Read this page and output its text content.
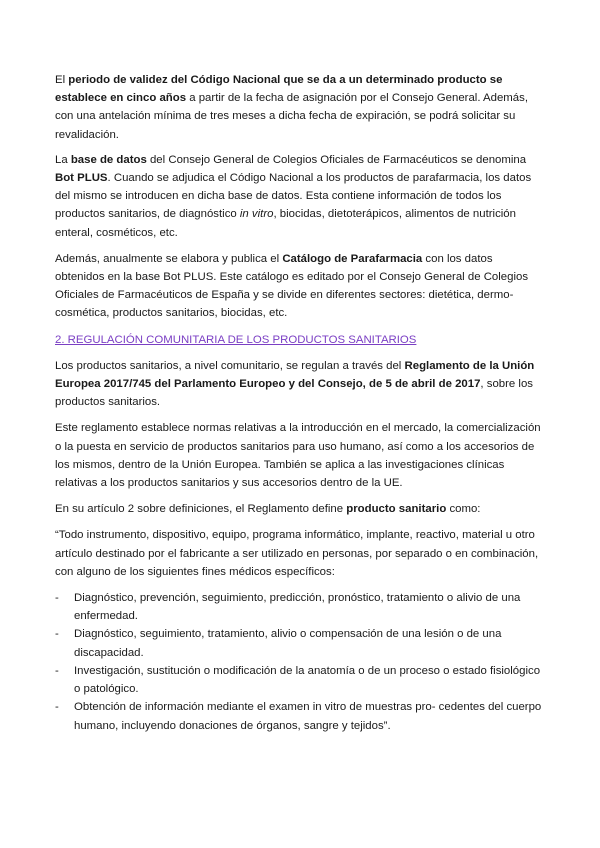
El periodo de validez del Código Nacional que se da a un determinado producto se establece en cinco años a partir de la fecha de asignación por el Consejo General. Además, con una antelación mínima de tres meses a dicha fecha de expiración, se podrá solicitar su revalidación.

La base de datos del Consejo General de Colegios Oficiales de Farmacéuticos se denomina Bot PLUS. Cuando se adjudica el Código Nacional a los productos de parafarmacia, los datos del mismo se introducen en dicha base de datos. Esta contiene información de todos los productos sanitarios, de diagnóstico in vitro, biocidas, dietoterápicos, alimentos de nutrición enteral, cosméticos, etc.

Además, anualmente se elabora y publica el Catálogo de Parafarmacia con los datos obtenidos en la base Bot PLUS. Este catálogo es editado por el Consejo General de Colegios Oficiales de Farmacéuticos de España y se divide en diferentes sectores: dietética, dermo-cosmética, productos sanitarios, biocidas, etc.

2. REGULACIÓN COMUNITARIA DE LOS PRODUCTOS SANITARIOS

Los productos sanitarios, a nivel comunitario, se regulan a través del Reglamento de la Unión Europea 2017/745 del Parlamento Europeo y del Consejo, de 5 de abril de 2017, sobre los productos sanitarios.

Este reglamento establece normas relativas a la introducción en el mercado, la comercialización o la puesta en servicio de productos sanitarios para uso humano, así como a los accesorios de los mismos, dentro de la Unión Europea. También se aplica a las investigaciones clínicas relativas a los productos sanitarios y sus accesorios dentro de la UE.

En su artículo 2 sobre definiciones, el Reglamento define producto sanitario como:

“Todo instrumento, dispositivo, equipo, programa informático, implante, reactivo, material u otro artículo destinado por el fabricante a ser utilizado en personas, por separado o en combinación, con alguno de los siguientes fines médicos específicos:

- Diagnóstico, prevención, seguimiento, predicción, pronóstico, tratamiento o alivio de una enfermedad.
- Diagnóstico, seguimiento, tratamiento, alivio o compensación de una lesión o de una discapacidad.
- Investigación, sustitución o modificación de la anatomía o de un proceso o estado fisiológico o patológico.
- Obtención de información mediante el examen in vitro de muestras pro- cedentes del cuerpo humano, incluyendo donaciones de órganos, sangre y tejidos”.
